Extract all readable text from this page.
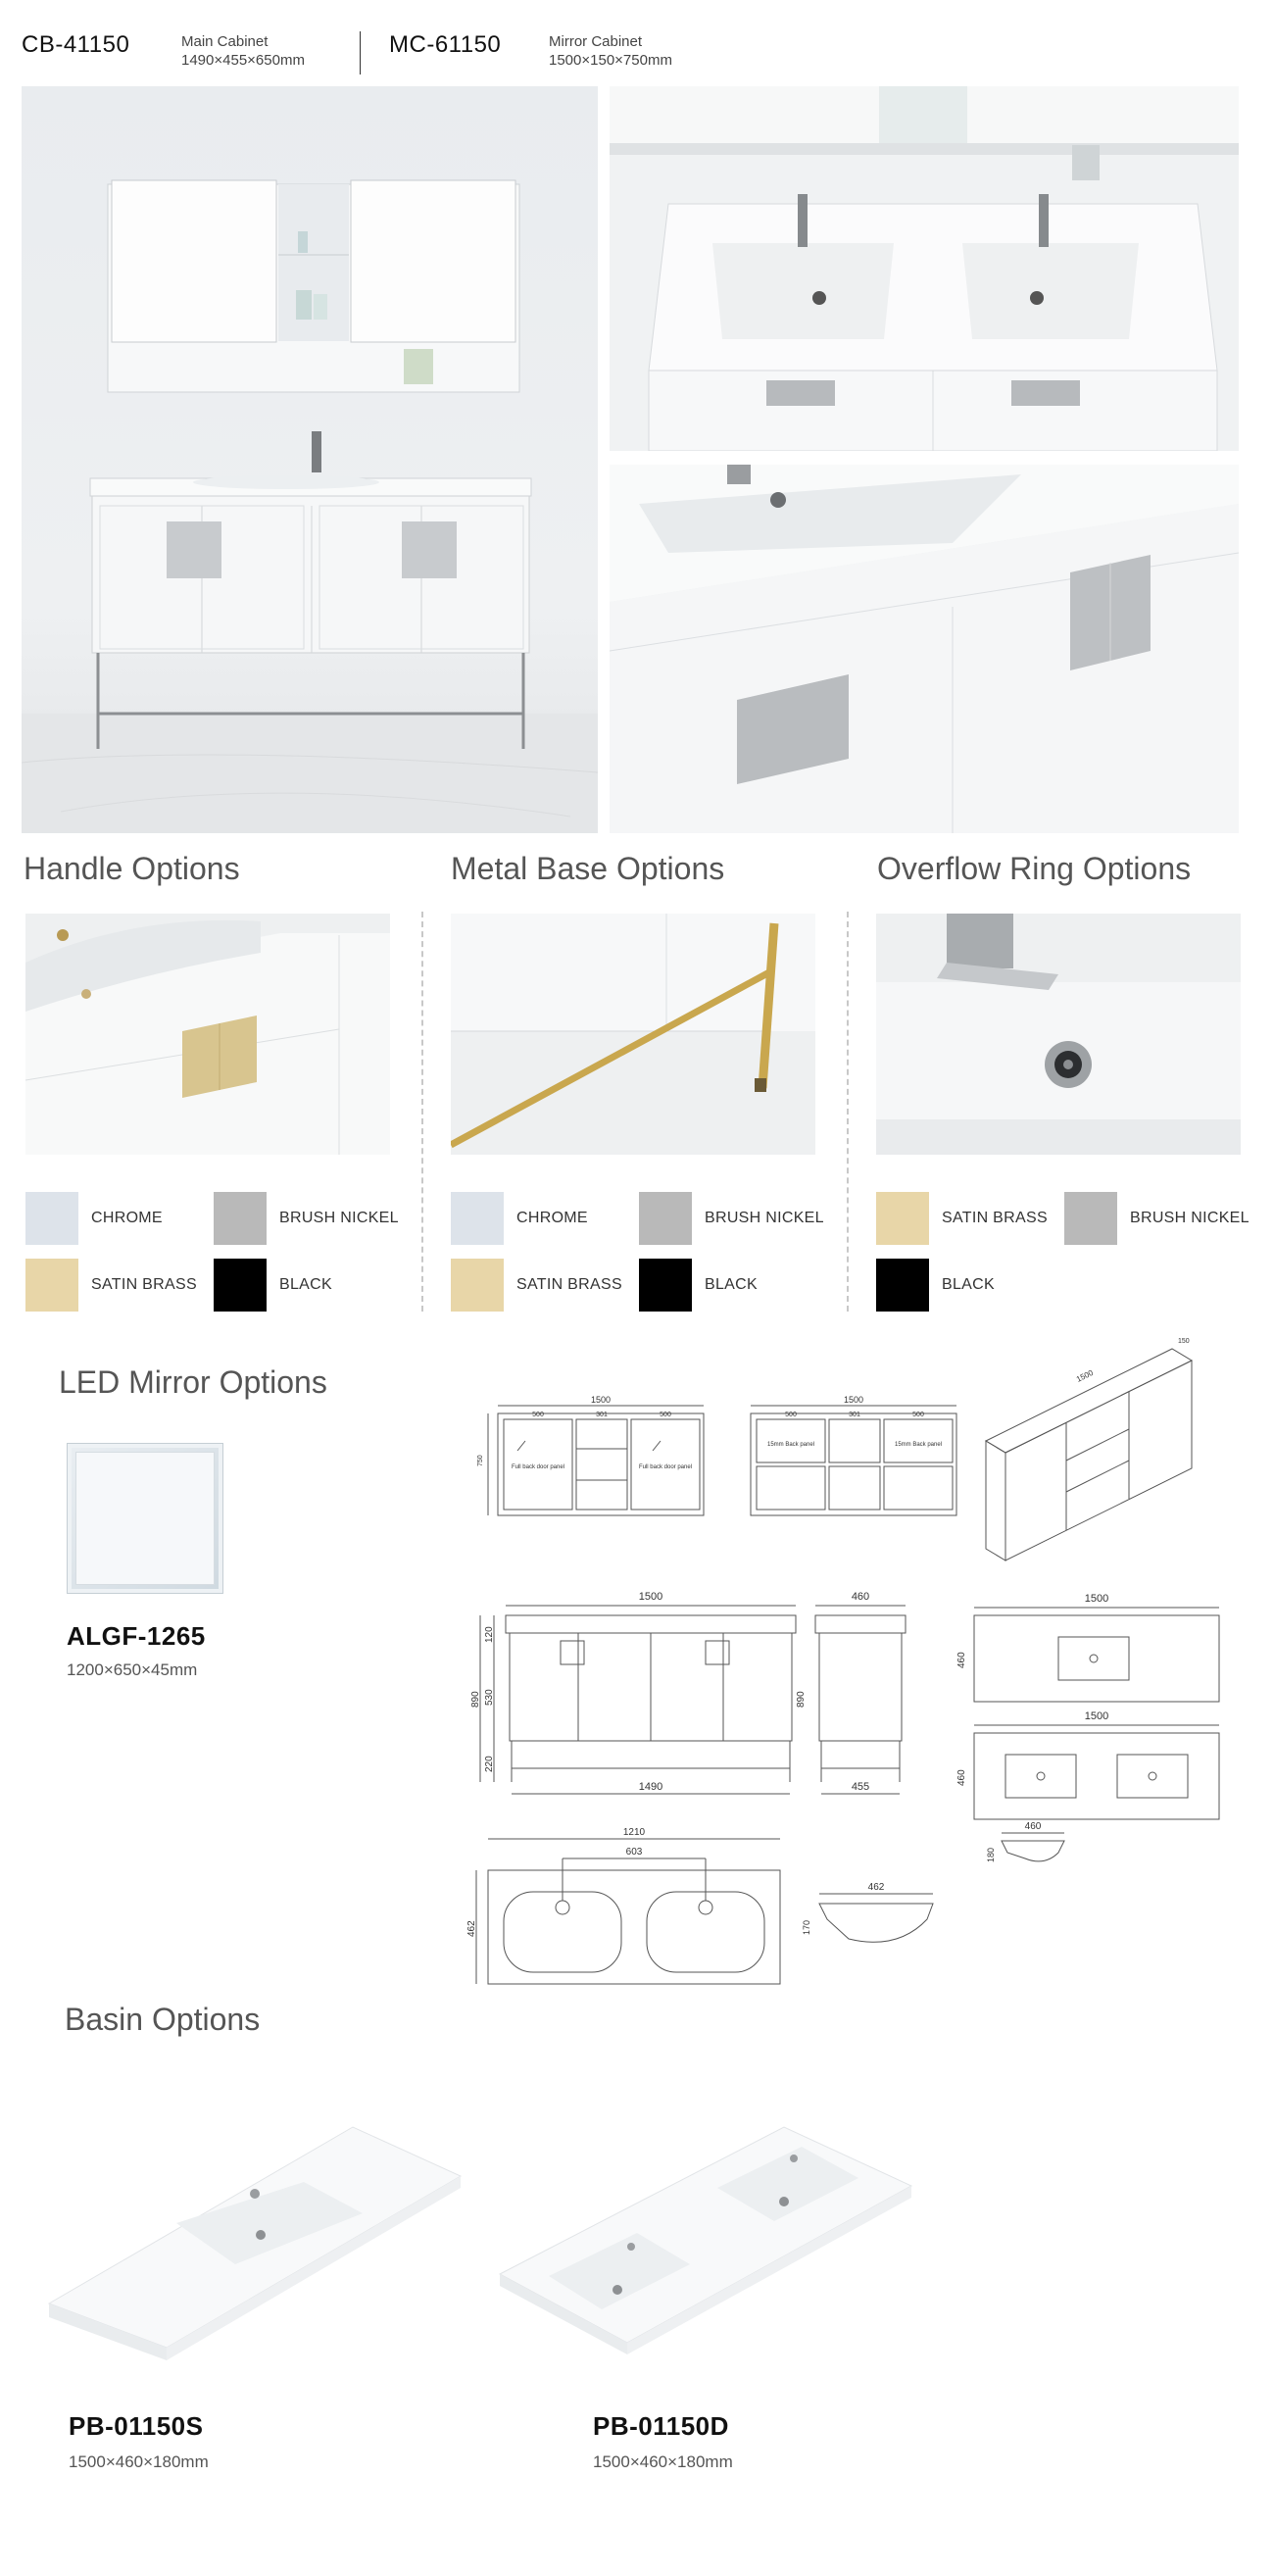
CB-41150	Main Cabinet
1490×455×650mm
MC-61150	Mirror Cabinet
1500×150×750mm
Handle Options	Metal Base Options	Overflow Ring Options
CHROME	BRUSH NICKEL
SATIN BRASS	BLACK
CHROME	BRUSH NICKEL
SATIN BRASS	BLACK
SATIN BRASS	BRUSH NICKEL
BLACK
LED Mirror Options
ALGF-1265
1200×650×45mm
1500
500	301	500
Full back door panel	Full back door panel
750
1500
500	301	500
15mm Back panel	15mm Back panel
1500
150
1500
1490
120
530
220
890
460
455
890
1500
460
1500
460
460
180
1210
603
462
462
170
Basin Options
PB-01150S
1500×460×180mm
PB-01150D
1500×460×180mm
